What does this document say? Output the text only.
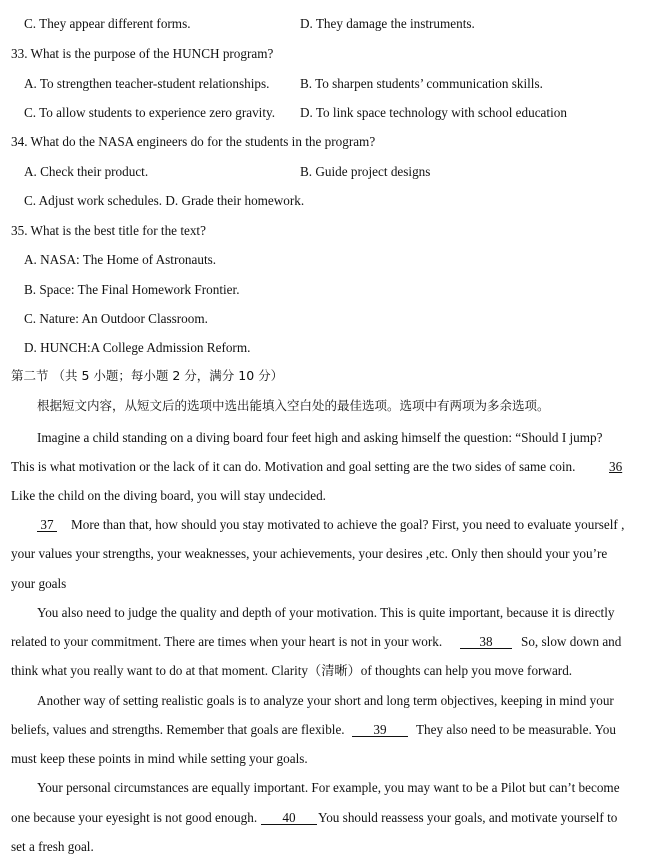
C. They appear different forms.	D. They damage the instruments.
33. What is the purpose of the HUNCH program?
A. To strengthen teacher-student relationships. B. To sharpen students’ communication skills.
C. To allow students to experience zero gravity. D. To link space technology with school education
34. What do the NASA engineers do for the students in the program?
A. Check their product.	B. Guide project designs
C. Adjust work schedules. D. Grade their homework.
35. What is the best title for the text?
A. NASA: The Home of Astronauts.
B. Space: The Final Homework Frontier.
C. Nature: An Outdoor Classroom.
D. HUNCH:A College Admission Reform.
第二节 （共 5 小题；每小题 2 分，满分 10 分）
根据短文内容，从短文后的选项中选出能填入空白处的最佳选项。选项中有两项为多余选项。
Imagine a child standing on a diving board four feet high and asking himself the question: “Should I jump?
This is what motivation or the lack of it can do. Motivation and goal setting are the two sides of same coin.	36
Like the child on the diving board, you will stay undecided.
37 More than that, how should you stay motivated to achieve the goal? First, you need to evaluate yourself ,
your values your strengths, your weaknesses, your achievements, your desires ,etc. Only then should your you’re
your goals
You also need to judge the quality and depth of your motivation. This is quite important, because it is directly
related to your commitment. There are times when your heart is not in your work.	38	So, slow down and
think what you really want to do at that moment. Clarity（清晰）of thoughts can help you move forward.
Another way of setting realistic goals is to analyze your short and long term objectives, keeping in mind your
beliefs, values and strengths. Remember that goals are flexible.	39	They also need to be measurable. You
must keep these points in mind while setting your goals.
Your personal circumstances are equally important. For example, you may want to be a Pilot but can’t become
one because your eyesight is not good enough.	40	You should reassess your goals, and motivate yourself to
set a fresh goal.
